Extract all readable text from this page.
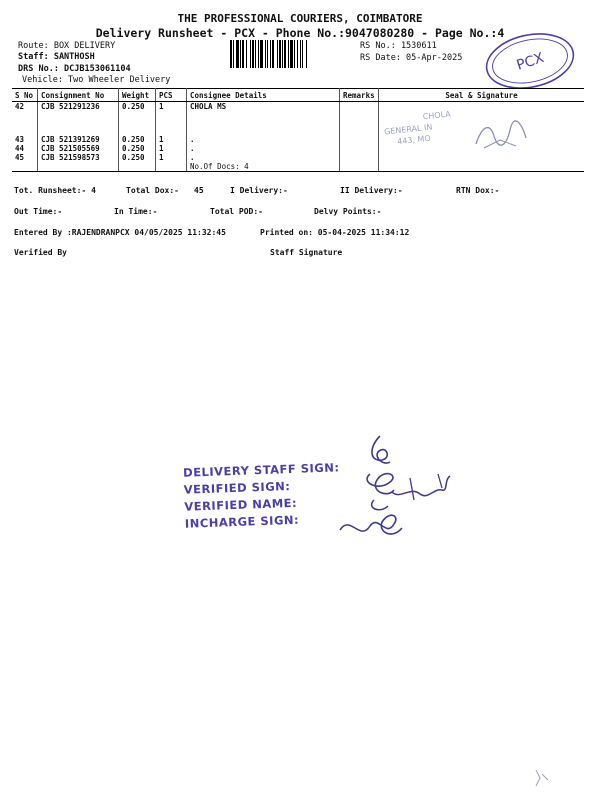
THE PROFESSIONAL COURIERS, COIMBATORE
Delivery Runsheet - PCX - Phone No.:9047080280 - Page No.:4
Route: BOX DELIVERY
Staff: SANTHOSH
DRS No.: DCJB153061104
Vehicle: Two Wheeler Delivery
RS No.: 1530611
RS Date: 05-Apr-2025	PCX
S No	Consignment No	Weight	PCS	Consignee Details	Remarks	Seal & Signature
42	CJB 521291236	0.250	1	CHOLA MS		

43	CJB 521391269	0.250	1	.		
44	CJB 521505569	0.250	1	.		
45	CJB 521598573	0.250	1	.		
				No.Of Docs: 4		
CHOLA
GENERAL IN
443, MO
Tot. Runsheet:- 4	Total Dox:- 45	I Delivery:-	II Delivery:-	RTN Dox:-
Out Time:-	In Time:-	Total POD:-	Delvy Points:-
Entered By :RAJENDRANPCX 04/05/2025 11:32:45	Printed on: 05-04-2025 11:34:12
Verified By	Staff Signature
DELIVERY STAFF SIGN:
VERIFIED SIGN:
VERIFIED NAME:
INCHARGE SIGN:
